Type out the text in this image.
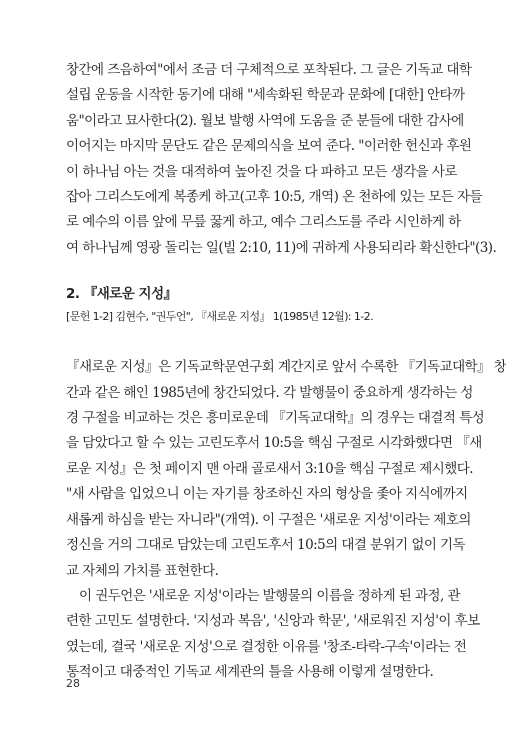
창간에 즈음하여"에서 조금 더 구체적으로 포착된다. 그 글은 기독교 대학

설립 운동을 시작한 동기에 대해 "세속화된 학문과 문화에 [대한] 안타까

움"이라고 묘사한다(2). 월보 발행 사역에 도움을 준 분들에 대한 감사에

이어지는 마지막 문단도 같은 문제의식을 보여 준다. "이러한 헌신과 후원

이 하나님 아는 것을 대적하여 높아진 것을 다 파하고 모든 생각을 사로

잡아 그리스도에게 복종케 하고(고후 10:5, 개역) 온 천하에 있는 모든 자들

로 예수의 이름 앞에 무릎 꿇게 하고, 예수 그리스도를 주라 시인하게 하

여 하나님께 영광 돌리는 일(빌 2:10, 11)에 귀하게 사용되리라 확신한다"(3).

2. 『새로운 지성』
[문헌 1-2] 김현수, "권두언", 『새로운 지성』 1(1985년 12월): 1-2.

『새로운 지성』은 기독교학문연구회 계간지로 앞서 수록한 『기독교대학』 창

간과 같은 해인 1985년에 창간되었다. 각 발행물이 중요하게 생각하는 성

경 구절을 비교하는 것은 흥미로운데 『기독교대학』의 경우는 대결적 특성

을 담았다고 할 수 있는 고린도후서 10:5을 핵심 구절로 시각화했다면 『새

로운 지성』은 첫 페이지 맨 아래 골로새서 3:10을 핵심 구절로 제시했다.

"새 사람을 입었으니 이는 자기를 창조하신 자의 형상을 좇아 지식에까지

새롭게 하심을 받는 자니라"(개역). 이 구절은 '새로운 지성'이라는 제호의

정신을 거의 그대로 담았는데 고린도후서 10:5의 대결 분위기 없이 기독

교 자체의 가치를 표현한다.

이 권두언은 '새로운 지성'이라는 발행물의 이름을 정하게 된 과정, 관

련한 고민도 설명한다. '지성과 복음', '신앙과 학문', '새로워진 지성'이 후보

였는데, 결국 '새로운 지성'으로 결정한 이유를 '창조-타락-구속'이라는 전

통적이고 대중적인 기독교 세계관의 틀을 사용해 이렇게 설명한다.

28
